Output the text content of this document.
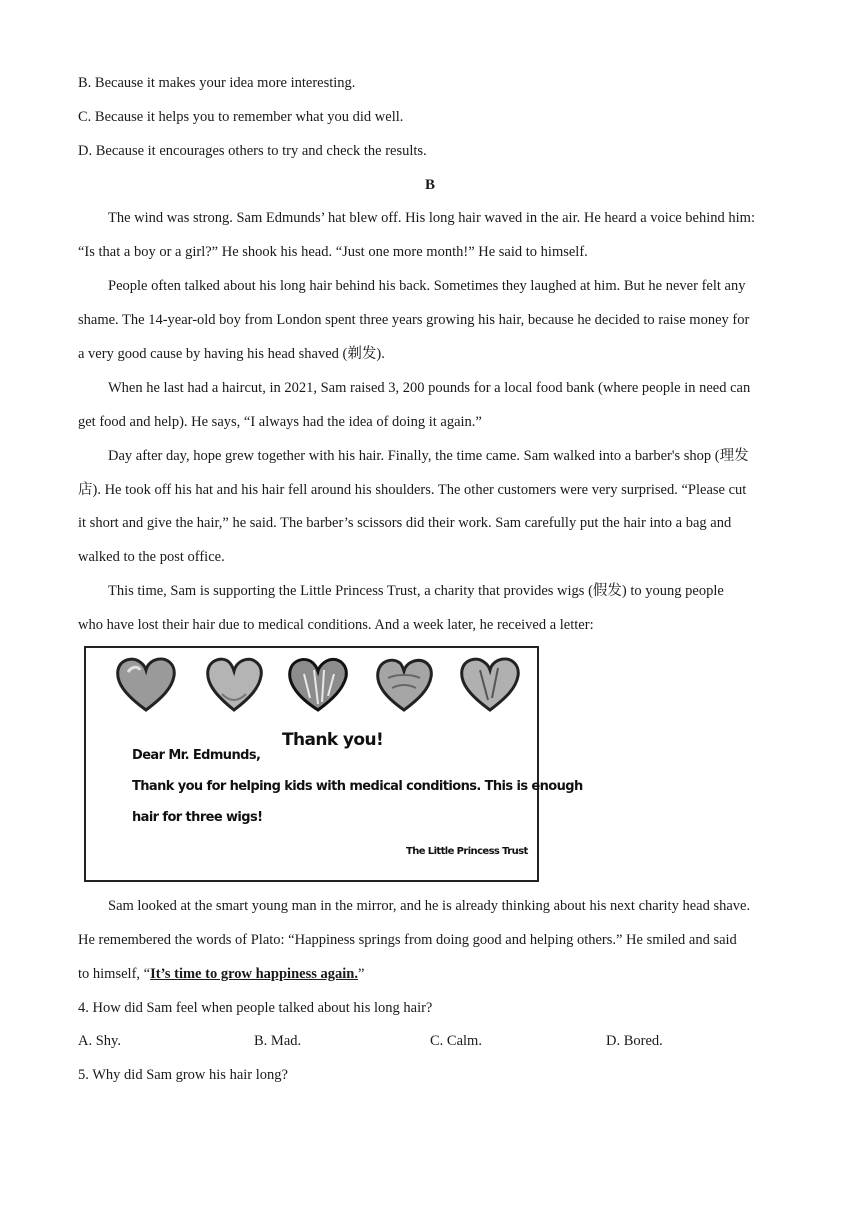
B. Because it makes your idea more interesting.
C. Because it helps you to remember what you did well.
D. Because it encourages others to try and check the results.
B
The wind was strong. Sam Edmunds’ hat blew off. His long hair waved in the air. He heard a voice behind him:
“Is that a boy or a girl?” He shook his head. “Just one more month!” He said to himself.
People often talked about his long hair behind his back. Sometimes they laughed at him. But he never felt any
shame. The 14-year-old boy from London spent three years growing his hair, because he decided to raise money for
a very good cause by having his head shaved (剃发).
When he last had a haircut, in 2021, Sam raised 3, 200 pounds for a local food bank (where people in need can
get food and help). He says, “I always had the idea of doing it again.”
Day after day, hope grew together with his hair. Finally, the time came. Sam walked into a barber's shop (理发
店). He took off his hat and his hair fell around his shoulders. The other customers were very surprised. “Please cut
it short and give the hair,” he said. The barber’s scissors did their work. Sam carefully put the hair into a bag and
walked to the post office.
This time, Sam is supporting the Little Princess Trust, a charity that provides wigs (假发) to young people
who have lost their hair due to medical conditions. And a week later, he received a letter:
Thank you!
Dear Mr. Edmunds,
Thank you for helping kids with medical conditions. This is enough
hair for three wigs!
The Little Princess Trust
Sam looked at the smart young man in the mirror, and he is already thinking about his next charity head shave.
He remembered the words of Plato: “Happiness springs from doing good and helping others.” He smiled and said
to himself, “It’s time to grow happiness again.”
4. How did Sam feel when people talked about his long hair?
A. Shy.	B. Mad.	C. Calm.	D. Bored.
5. Why did Sam grow his hair long?
